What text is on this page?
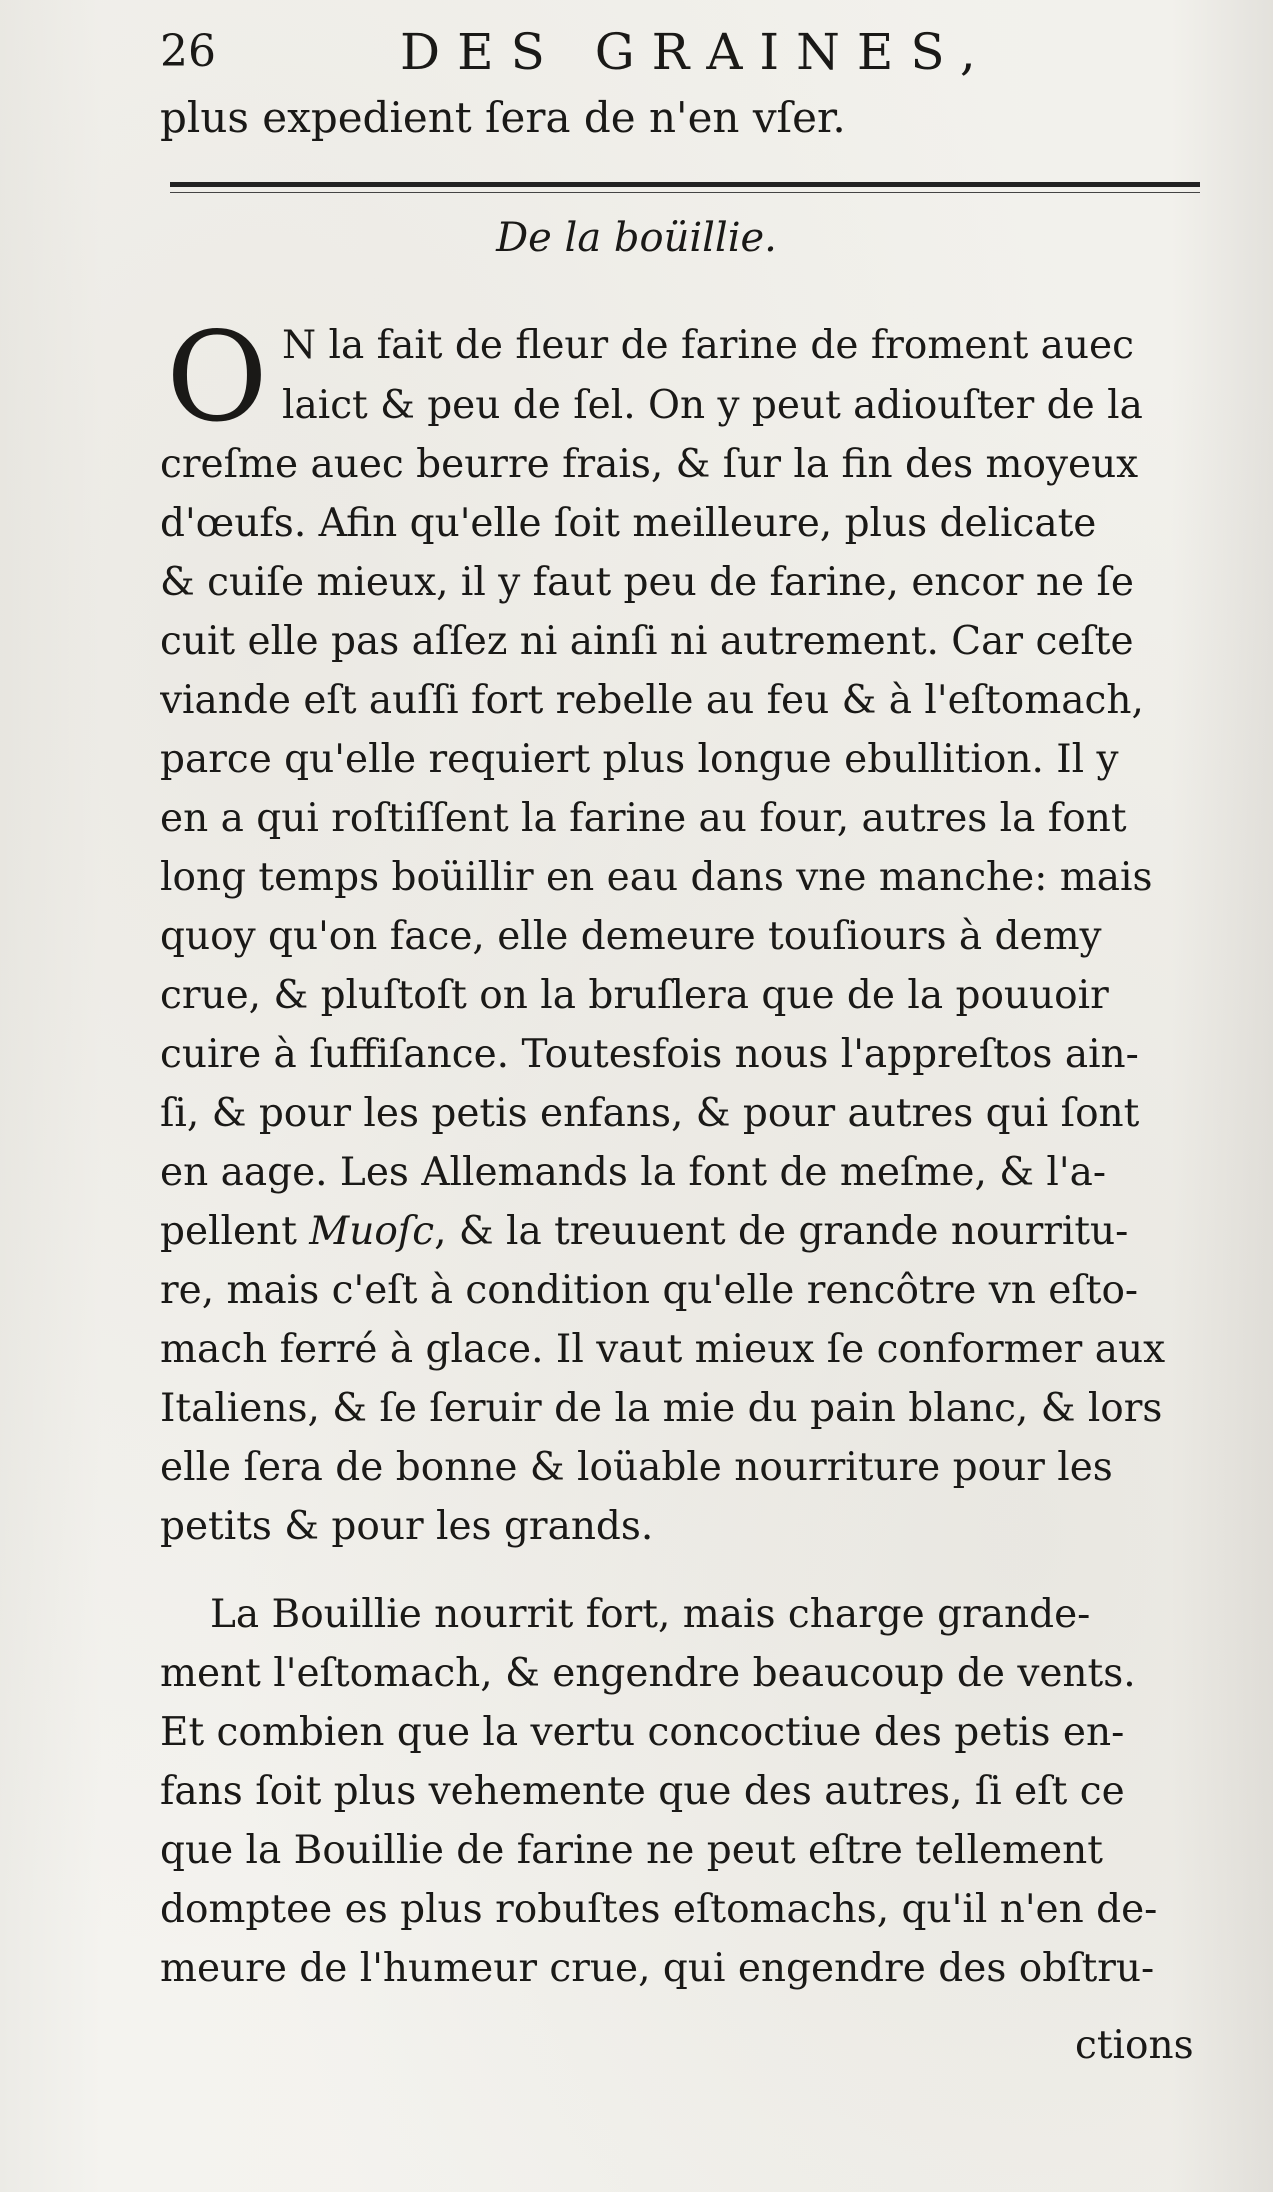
26	DES GRAINES,
plus expedient ſera de n'en vſer.
De la boüillie.
O N la fait de fleur de farine de froment auec
laict & peu de ſel. On y peut adiouſter de la
creſme auec beurre frais, & ſur la fin des moyeux
d'œufs. Afin qu'elle ſoit meilleure, plus delicate
& cuiſe mieux, il y faut peu de farine, encor ne ſe
cuit elle pas aſſez ni ainſi ni autrement. Car ceſte
viande eſt auſſi fort rebelle au feu & à l'eſtomach,
parce qu'elle requiert plus longue ebullition. Il y
en a qui roſtiſſent la farine au four, autres la font
long temps boüillir en eau dans vne manche: mais
quoy qu'on face, elle demeure touſiours à demy
crue, & pluſtoſt on la bruſlera que de la pouuoir
cuire à ſuffiſance. Toutesfois nous l'appreſtos ain-
ſi, & pour les petis enfans, & pour autres qui ſont
en aage. Les Allemands la font de meſme, & l'a-
pellent Muoſc, & la treuuent de grande nourritu-
re, mais c'eſt à condition qu'elle rencôtre vn eſto-
mach ferré à glace. Il vaut mieux ſe conformer aux
Italiens, & ſe ſeruir de la mie du pain blanc, & lors
elle ſera de bonne & loüable nourriture pour les
petits & pour les grands.
La Bouillie nourrit fort, mais charge grande-
ment l'eſtomach, & engendre beaucoup de vents.
Et combien que la vertu concoctiue des petis en-
fans ſoit plus vehemente que des autres, ſi eſt ce
que la Bouillie de farine ne peut eſtre tellement
domptee es plus robuſtes eſtomachs, qu'il n'en de-
meure de l'humeur crue, qui engendre des obſtru-
ctions
